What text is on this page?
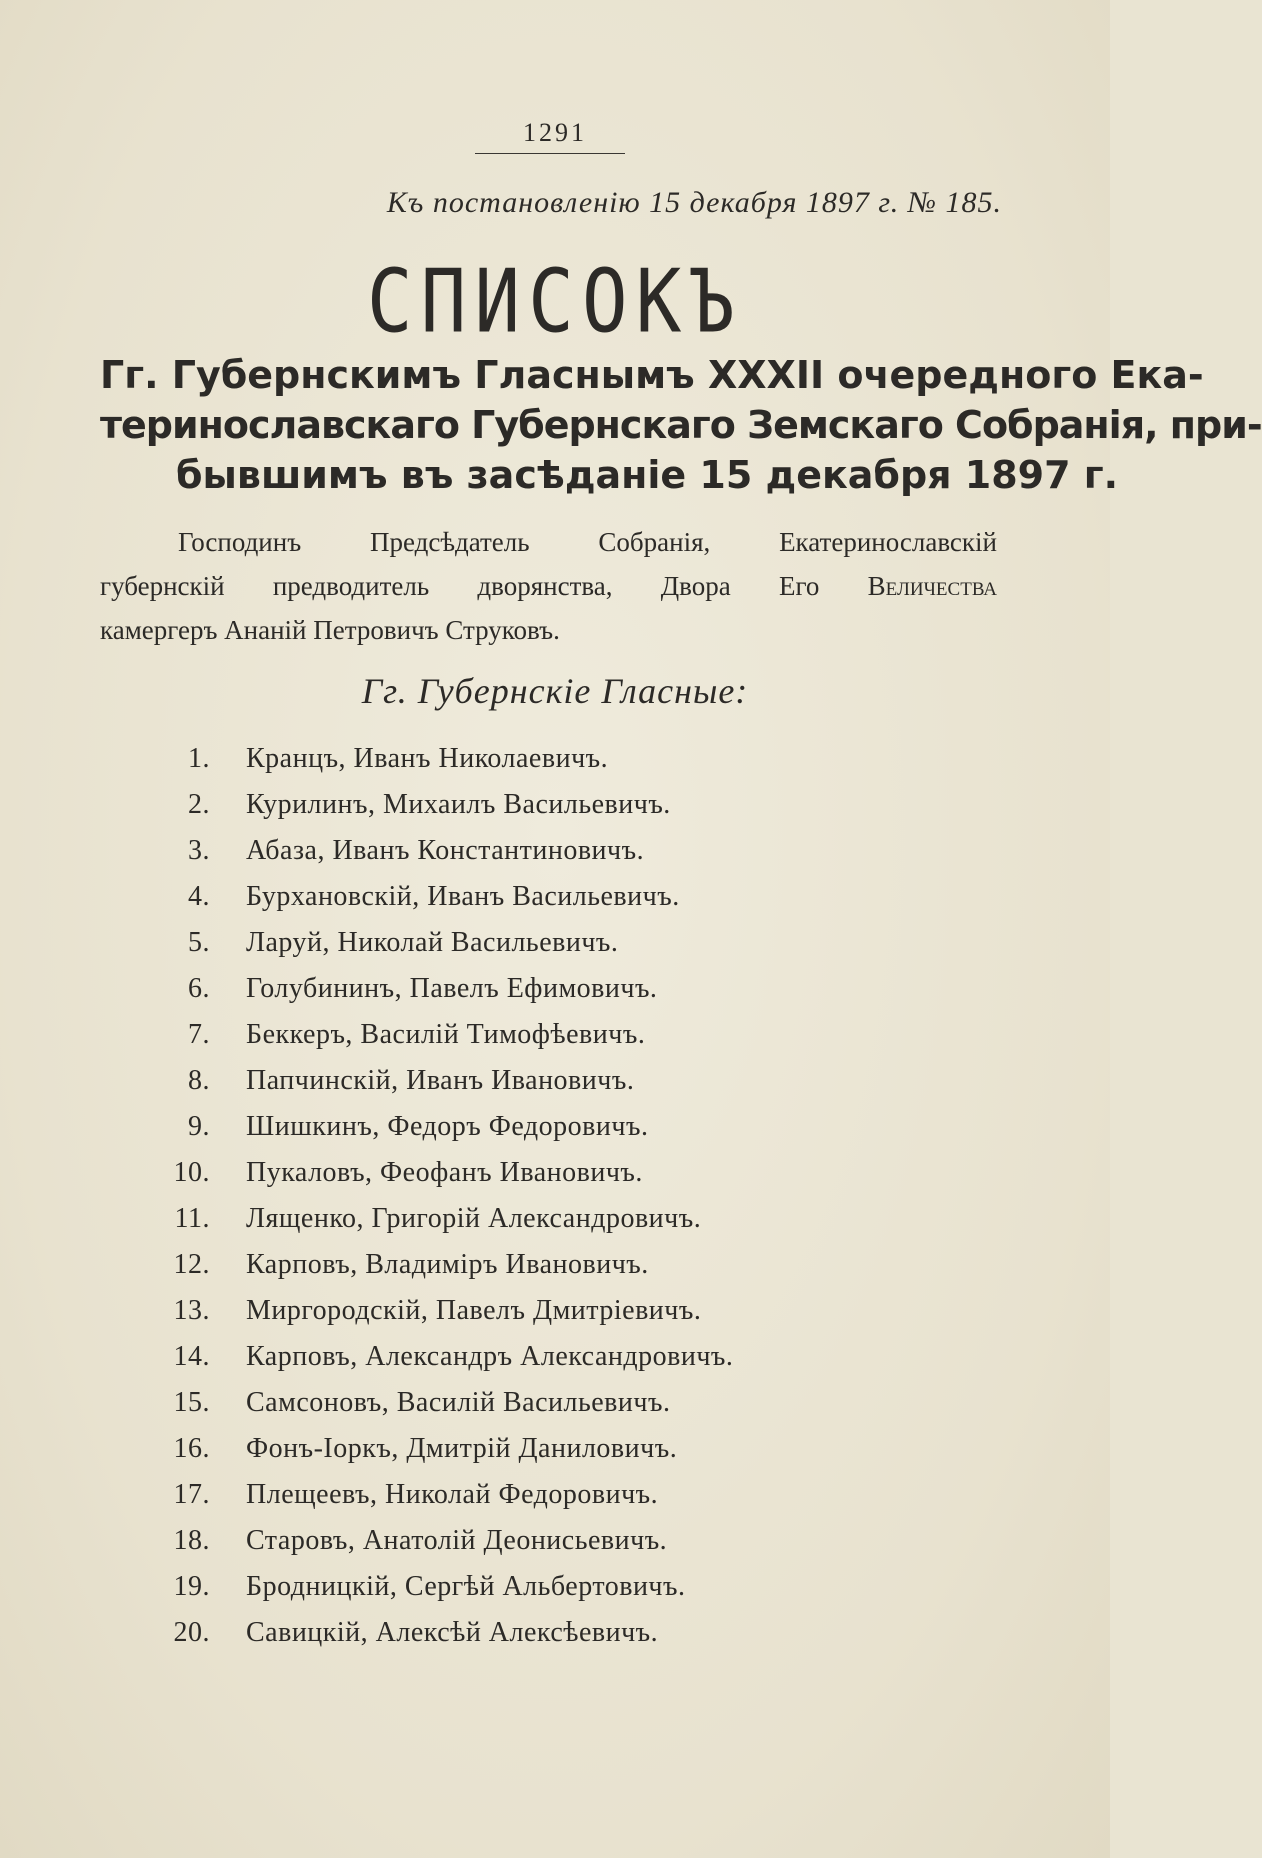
1291
Къ постановленію 15 декабря 1897 г. № 185.
СПИСОКЪ
Гг. Губернскимъ Гласнымъ XXXII очередного Ека-
теринославскаго Губернскаго Земскаго Собранія, при-
бывшимъ въ засѣданіе 15 декабря 1897 г.
Господинъ Предсѣдатель Собранія, Екатеринославскій
губернскій предводитель дворянства, Двора Его Величества
камергеръ Ананій Петровичъ Струковъ.
Гг. Губернскіе Гласные:
1. Кранцъ, Иванъ Николаевичъ.
2. Курилинъ, Михаилъ Васильевичъ.
3. Абаза, Иванъ Константиновичъ.
4. Бурхановскій, Иванъ Васильевичъ.
5. Ларуй, Николай Васильевичъ.
6. Голубининъ, Павелъ Ефимовичъ.
7. Беккеръ, Василій Тимофѣевичъ.
8. Папчинскій, Иванъ Ивановичъ.
9. Шишкинъ, Федоръ Федоровичъ.
10. Пукаловъ, Феофанъ Ивановичъ.
11. Лященко, Григорій Александровичъ.
12. Карповъ, Владиміръ Ивановичъ.
13. Миргородскій, Павелъ Дмитріевичъ.
14. Карповъ, Александръ Александровичъ.
15. Самсоновъ, Василій Васильевичъ.
16. Фонъ-Іоркъ, Дмитрій Даниловичъ.
17. Плещеевъ, Николай Федоровичъ.
18. Старовъ, Анатолій Деонисьевичъ.
19. Бродницкій, Сергѣй Альбертовичъ.
20. Савицкій, Алексѣй Алексѣевичъ.
